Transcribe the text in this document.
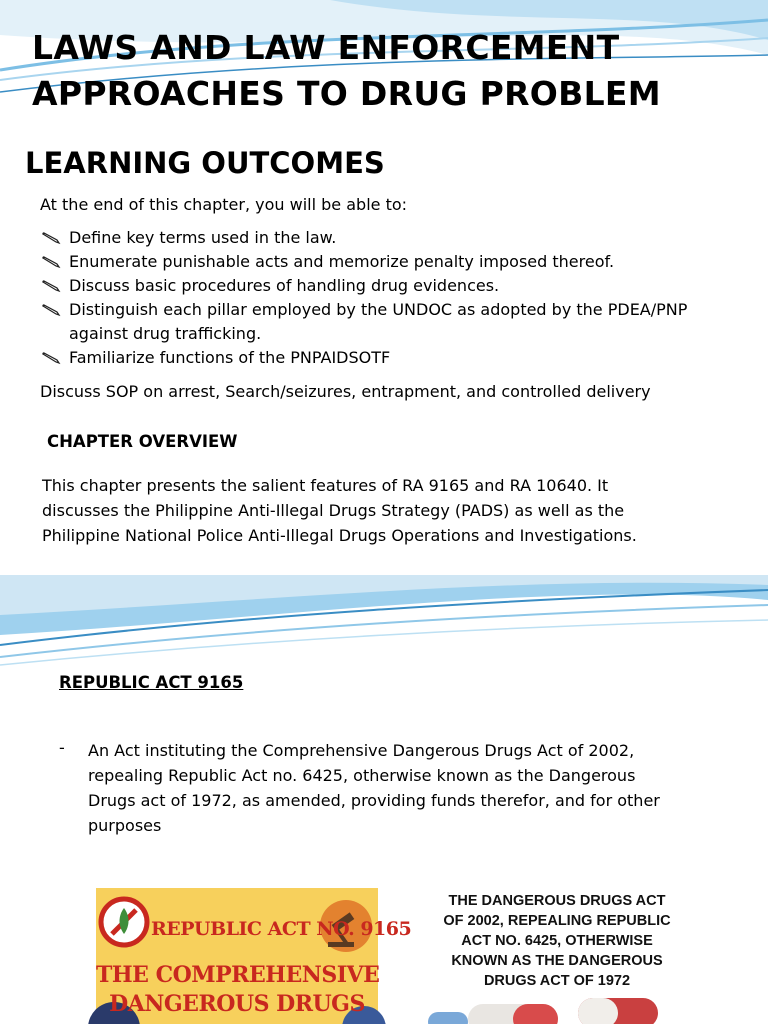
LAWS AND LAW ENFORCEMENT
APPROACHES TO DRUG PROBLEM
LEARNING OUTCOMES
At the end of this chapter, you will be able to:
Define key terms used in the law.
Enumerate punishable acts and memorize penalty imposed thereof.
Discuss basic procedures of handling drug evidences.
Distinguish each pillar employed by the UNDOC as adopted by the PDEA/PNP
against drug trafficking.
Familiarize functions of the PNPAIDSOTF
Discuss SOP on arrest, Search/seizures, entrapment, and controlled delivery
CHAPTER OVERVIEW
This chapter presents the salient features of RA 9165 and RA 10640. It
discusses the Philippine Anti-Illegal Drugs Strategy (PADS) as well as the
Philippine National Police Anti-Illegal Drugs Operations and Investigations.
REPUBLIC ACT 9165
- An Act instituting the Comprehensive Dangerous Drugs Act of 2002,
repealing Republic Act no. 6425, otherwise known as the Dangerous
Drugs act of 1972, as amended, providing funds therefor, and for other
purposes
REPUBLIC ACT NO. 9165
THE COMPREHENSIVE
DANGEROUS DRUGS
THE DANGEROUS DRUGS ACT
OF 2002, REPEALING REPUBLIC
ACT NO. 6425, OTHERWISE
KNOWN AS THE DANGEROUS
DRUGS ACT OF 1972
